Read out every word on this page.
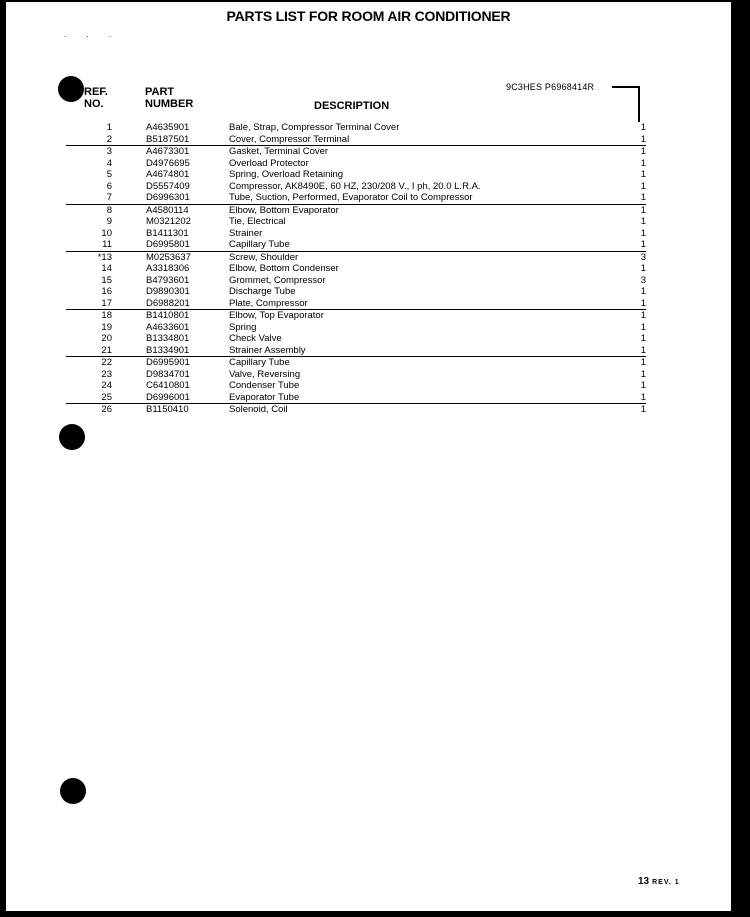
PARTS LIST FOR ROOM AIR CONDITIONER
. . .
9C3HES P6968414R
REF.
NO.
PART
NUMBER	DESCRIPTION
1	A4635901	Bale, Strap, Compressor Terminal Cover	1
2	B5187501	Cover, Compressor Terminal	1
3	A4673301	Gasket, Terminal Cover	1
4	D4976695	Overload Protector	1
5	A4674801	Spring, Overload Retaining	1
6	D5557409	Compressor, AK8490E, 60 HZ, 230/208 V., I ph, 20.0 L.R.A.	1
7	D6996301	Tube, Suction, Performed, Evaporator Coil to Compressor	1
8	A4580114	Elbow, Bottom Evaporator	1
9	M0321202	Tie, Electrical	1
10	B1411301	Strainer	1
11	D6995801	Capillary Tube	1
*13	M0253637	Screw, Shoulder	3
14	A3318306	Elbow, Bottom Condenser	1
15	B4793601	Grommet, Compressor	3
16	D9890301	Discharge Tube	1
17	D6988201	Plate, Compressor	1
18	B1410801	Elbow, Top Evaporator	1
19	A4633601	Spring	1
20	B1334801	Check Valve	1
21	B1334901	Strainer Assembly	1
22	D6995901	Capillary Tube	1
23	D9834701	Valve, Reversing	1
24	C6410801	Condenser Tube	1
25	D6996001	Evaporator Tube	1
26	B1150410	Solenoid, Coil	1
13 REV. 1
